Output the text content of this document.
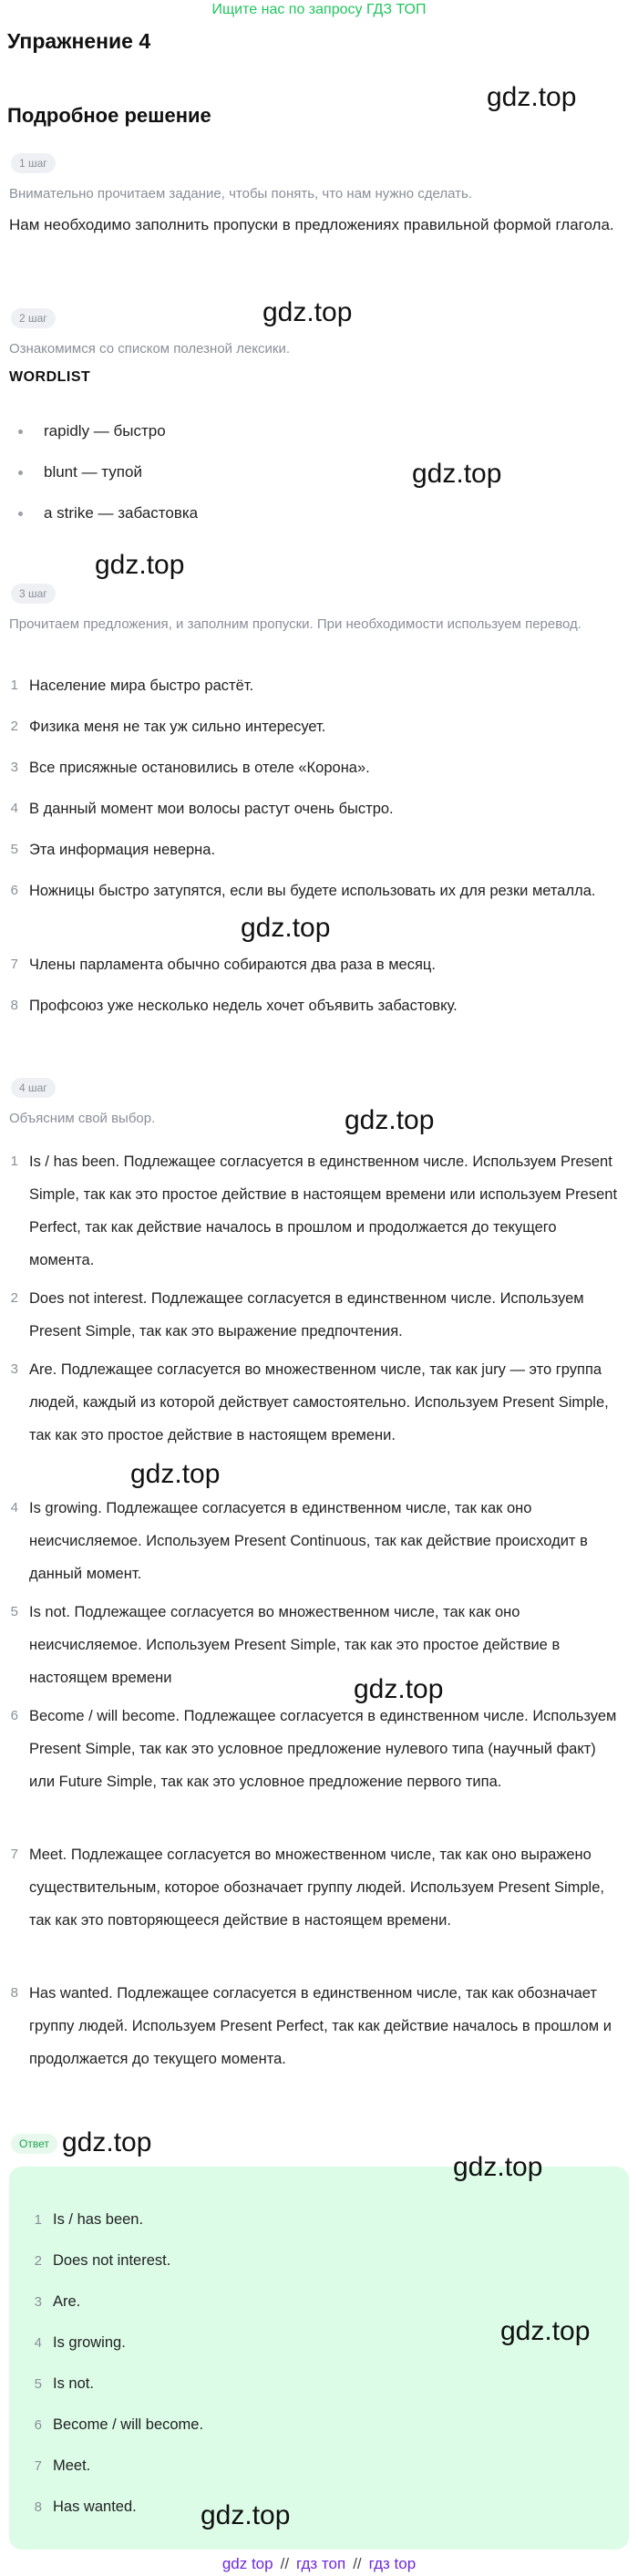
Ищите нас по запросу ГДЗ ТОП
Упражнение 4
Подробное решение
1 шаг
Внимательно прочитаем задание, чтобы понять, что нам нужно сделать.
Нам необходимо заполнить пропуски в предложениях правильной формой глагола.
2 шаг
Ознакомимся со списком полезной лексики.
WORDLIST
rapidly — быстро
blunt — тупой
a strike — забастовка
3 шаг
Прочитаем предложения, и заполним пропуски. При необходимости используем перевод.
1 Население мира быстро растёт.
2 Физика меня не так уж сильно интересует.
3 Все присяжные остановились в отеле «Корона».
4 В данный момент мои волосы растут очень быстро.
5 Эта информация неверна.
6 Ножницы быстро затупятся, если вы будете использовать их для резки металла.
7 Члены парламента обычно собираются два раза в месяц.
8 Профсоюз уже несколько недель хочет объявить забастовку.
4 шаг
Объясним свой выбор.
1 Is / has been. Подлежащее согласуется в единственном числе. Используем Present Simple, так как это простое действие в настоящем времени или используем Present Perfect, так как действие началось в прошлом и продолжается до текущего момента.
2 Does not interest. Подлежащее согласуется в единственном числе. Используем Present Simple, так как это выражение предпочтения.
3 Are. Подлежащее согласуется во множественном числе, так как jury — это группа людей, каждый из которой действует самостоятельно. Используем Present Simple, так как это простое действие в настоящем времени.
4 Is growing. Подлежащее согласуется в единственном числе, так как оно неисчисляемое. Используем Present Continuous, так как действие происходит в данный момент.
5 Is not. Подлежащее согласуется во множественном числе, так как оно неисчисляемое. Используем Present Simple, так как это простое действие в настоящем времени
6 Become / will become. Подлежащее согласуется в единственном числе. Используем Present Simple, так как это условное предложение нулевого типа (научный факт) или Future Simple, так как это условное предложение первого типа.
7 Meet. Подлежащее согласуется во множественном числе, так как оно выражено существительным, которое обозначает группу людей. Используем Present Simple, так как это повторяющееся действие в настоящем времени.
8 Has wanted. Подлежащее согласуется в единственном числе, так как обозначает группу людей. Используем Present Perfect, так как действие началось в прошлом и продолжается до текущего момента.
Ответ
1 Is / has been.
2 Does not interest.
3 Are.
4 Is growing.
5 Is not.
6 Become / will become.
7 Meet.
8 Has wanted.
gdz.top
gdz.top
gdz.top
gdz.top
gdz.top
gdz.top
gdz.top
gdz.top
gdz.top
gdz.top
gdz.top
gdz.top
gdz top // гдз топ // гдз top
